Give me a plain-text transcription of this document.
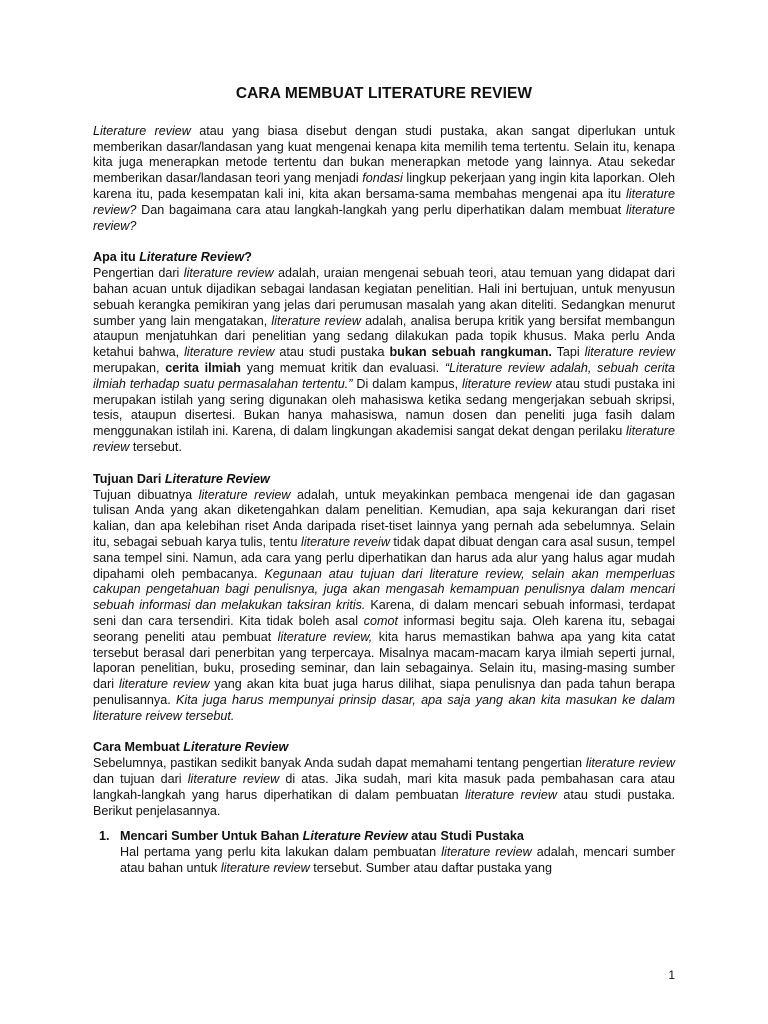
CARA MEMBUAT LITERATURE REVIEW

Literature review atau yang biasa disebut dengan studi pustaka, akan sangat diperlukan untuk memberikan dasar/landasan yang kuat mengenai kenapa kita memilih tema tertentu. Selain itu, kenapa kita juga menerapkan metode tertentu dan bukan menerapkan metode yang lainnya. Atau sekedar memberikan dasar/landasan teori yang menjadi fondasi lingkup pekerjaan yang ingin kita laporkan. Oleh karena itu, pada kesempatan kali ini, kita akan bersama-sama membahas mengenai apa itu literature review? Dan bagaimana cara atau langkah-langkah yang perlu diperhatikan dalam membuat literature review?

Apa itu Literature Review?

Pengertian dari literature review adalah, uraian mengenai sebuah teori, atau temuan yang didapat dari bahan acuan untuk dijadikan sebagai landasan kegiatan penelitian. Hali ini bertujuan, untuk menyusun sebuah kerangka pemikiran yang jelas dari perumusan masalah yang akan diteliti. Sedangkan menurut sumber yang lain mengatakan, literature review adalah, analisa berupa kritik yang bersifat membangun ataupun menjatuhkan dari penelitian yang sedang dilakukan pada topik khusus. Maka perlu Anda ketahui bahwa, literature review atau studi pustaka bukan sebuah rangkuman. Tapi literature review merupakan, cerita ilmiah yang memuat kritik dan evaluasi. “Literature review adalah, sebuah cerita ilmiah terhadap suatu permasalahan tertentu.” Di dalam kampus, literature review atau studi pustaka ini merupakan istilah yang sering digunakan oleh mahasiswa ketika sedang mengerjakan sebuah skripsi, tesis, ataupun disertesi. Bukan hanya mahasiswa, namun dosen dan peneliti juga fasih dalam menggunakan istilah ini. Karena, di dalam lingkungan akademisi sangat dekat dengan perilaku literature review tersebut.

Tujuan Dari Literature Review

Tujuan dibuatnya literature review adalah, untuk meyakinkan pembaca mengenai ide dan gagasan tulisan Anda yang akan diketengahkan dalam penelitian. Kemudian, apa saja kekurangan dari riset kalian, dan apa kelebihan riset Anda daripada riset-tiset lainnya yang pernah ada sebelumnya. Selain itu, sebagai sebuah karya tulis, tentu literature reveiw tidak dapat dibuat dengan cara asal susun, tempel sana tempel sini. Namun, ada cara yang perlu diperhatikan dan harus ada alur yang halus agar mudah dipahami oleh pembacanya. Kegunaan atau tujuan dari literature review, selain akan memperluas cakupan pengetahuan bagi penulisnya, juga akan mengasah kemampuan penulisnya dalam mencari sebuah informasi dan melakukan taksiran kritis. Karena, di dalam mencari sebuah informasi, terdapat seni dan cara tersendiri. Kita tidak boleh asal comot informasi begitu saja. Oleh karena itu, sebagai seorang peneliti atau pembuat literature review, kita harus memastikan bahwa apa yang kita catat tersebut berasal dari penerbitan yang terpercaya. Misalnya macam-macam karya ilmiah seperti jurnal, laporan penelitian, buku, proseding seminar, dan lain sebagainya. Selain itu, masing-masing sumber dari literature review yang akan kita buat juga harus dilihat, siapa penulisnya dan pada tahun berapa penulisannya. Kita juga harus mempunyai prinsip dasar, apa saja yang akan kita masukan ke dalam literature reivew tersebut.

Cara Membuat Literature Review

Sebelumnya, pastikan sedikit banyak Anda sudah dapat memahami tentang pengertian literature review dan tujuan dari literature review di atas. Jika sudah, mari kita masuk pada pembahasan cara atau langkah-langkah yang harus diperhatikan di dalam pembuatan literature review atau studi pustaka. Berikut penjelasannya.

1. Mencari Sumber Untuk Bahan Literature Review atau Studi Pustaka

Hal pertama yang perlu kita lakukan dalam pembuatan literature review adalah, mencari sumber atau bahan untuk literature review tersebut. Sumber atau daftar pustaka yang

1
